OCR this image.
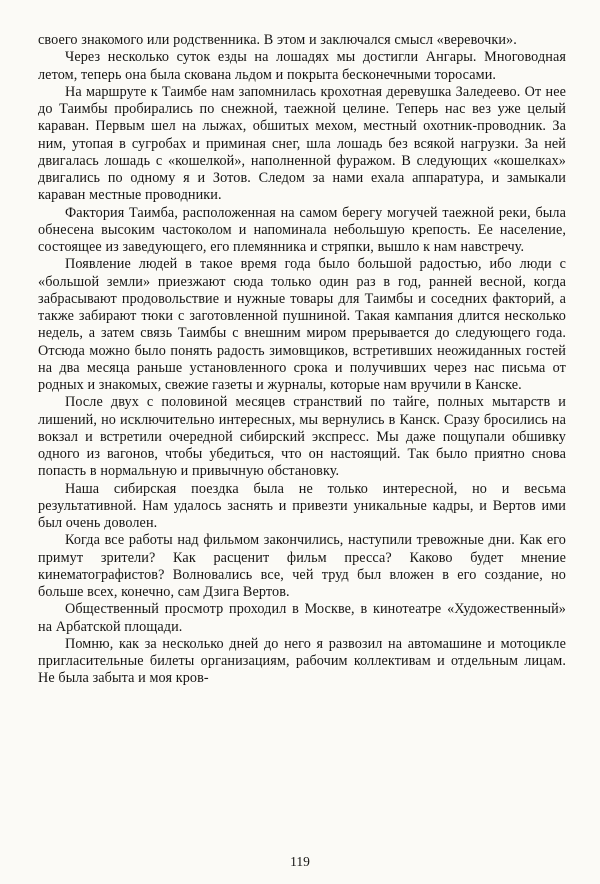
своего знакомого или родственника. В этом и заключался смысл «веревочки».

Через несколько суток езды на лошадях мы достигли Ангары. Многоводная летом, теперь она была скована льдом и покрыта бесконечными торосами.

На маршруте к Таимбе нам запомнилась крохотная деревушка Заледеево. От нее до Таимбы пробирались по снежной, таежной целине. Теперь нас вез уже целый караван. Первым шел на лыжах, обшитых мехом, местный охотник-проводник. За ним, утопая в сугробах и приминая снег, шла лошадь без всякой нагрузки. За ней двигалась лошадь с «кошелкой», наполненной фуражом. В следующих «кошелках» двигались по одному я и Зотов. Следом за нами ехала аппаратура, и замыкали караван местные проводники.

Фактория Таимба, расположенная на самом берегу могучей таежной реки, была обнесена высоким частоколом и напоминала небольшую крепость. Ее население, состоящее из заведующего, его племянника и стряпки, вышло к нам навстречу.

Появление людей в такое время года было большой радостью, ибо люди с «большой земли» приезжают сюда только один раз в год, ранней весной, когда забрасывают продовольствие и нужные товары для Таимбы и соседних факторий, а также забирают тюки с заготовленной пушниной. Такая кампания длится несколько недель, а затем связь Таимбы с внешним миром прерывается до следующего года. Отсюда можно было понять радость зимовщиков, встретивших неожиданных гостей на два месяца раньше установленного срока и получивших через нас письма от родных и знакомых, свежие газеты и журналы, которые нам вручили в Канске.

После двух с половиной месяцев странствий по тайге, полных мытарств и лишений, но исключительно интересных, мы вернулись в Канск. Сразу бросились на вокзал и встретили очередной сибирский экспресс. Мы даже пощупали обшивку одного из вагонов, чтобы убедиться, что он настоящий. Так было приятно снова попасть в нормальную и привычную обстановку.

Наша сибирская поездка была не только интересной, но и весьма результативной. Нам удалось заснять и привезти уникальные кадры, и Вертов ими был очень доволен.

Когда все работы над фильмом закончились, наступили тревожные дни. Как его примут зрители? Как расценит фильм пресса? Каково будет мнение кинематографистов? Волновались все, чей труд был вложен в его создание, но больше всех, конечно, сам Дзига Вертов.

Общественный просмотр проходил в Москве, в кинотеатре «Художественный» на Арбатской площади.

Помню, как за несколько дней до него я развозил на автомашине и мотоцикле пригласительные билеты организациям, рабочим коллективам и отдельным лицам. Не была забыта и моя кров-

119
